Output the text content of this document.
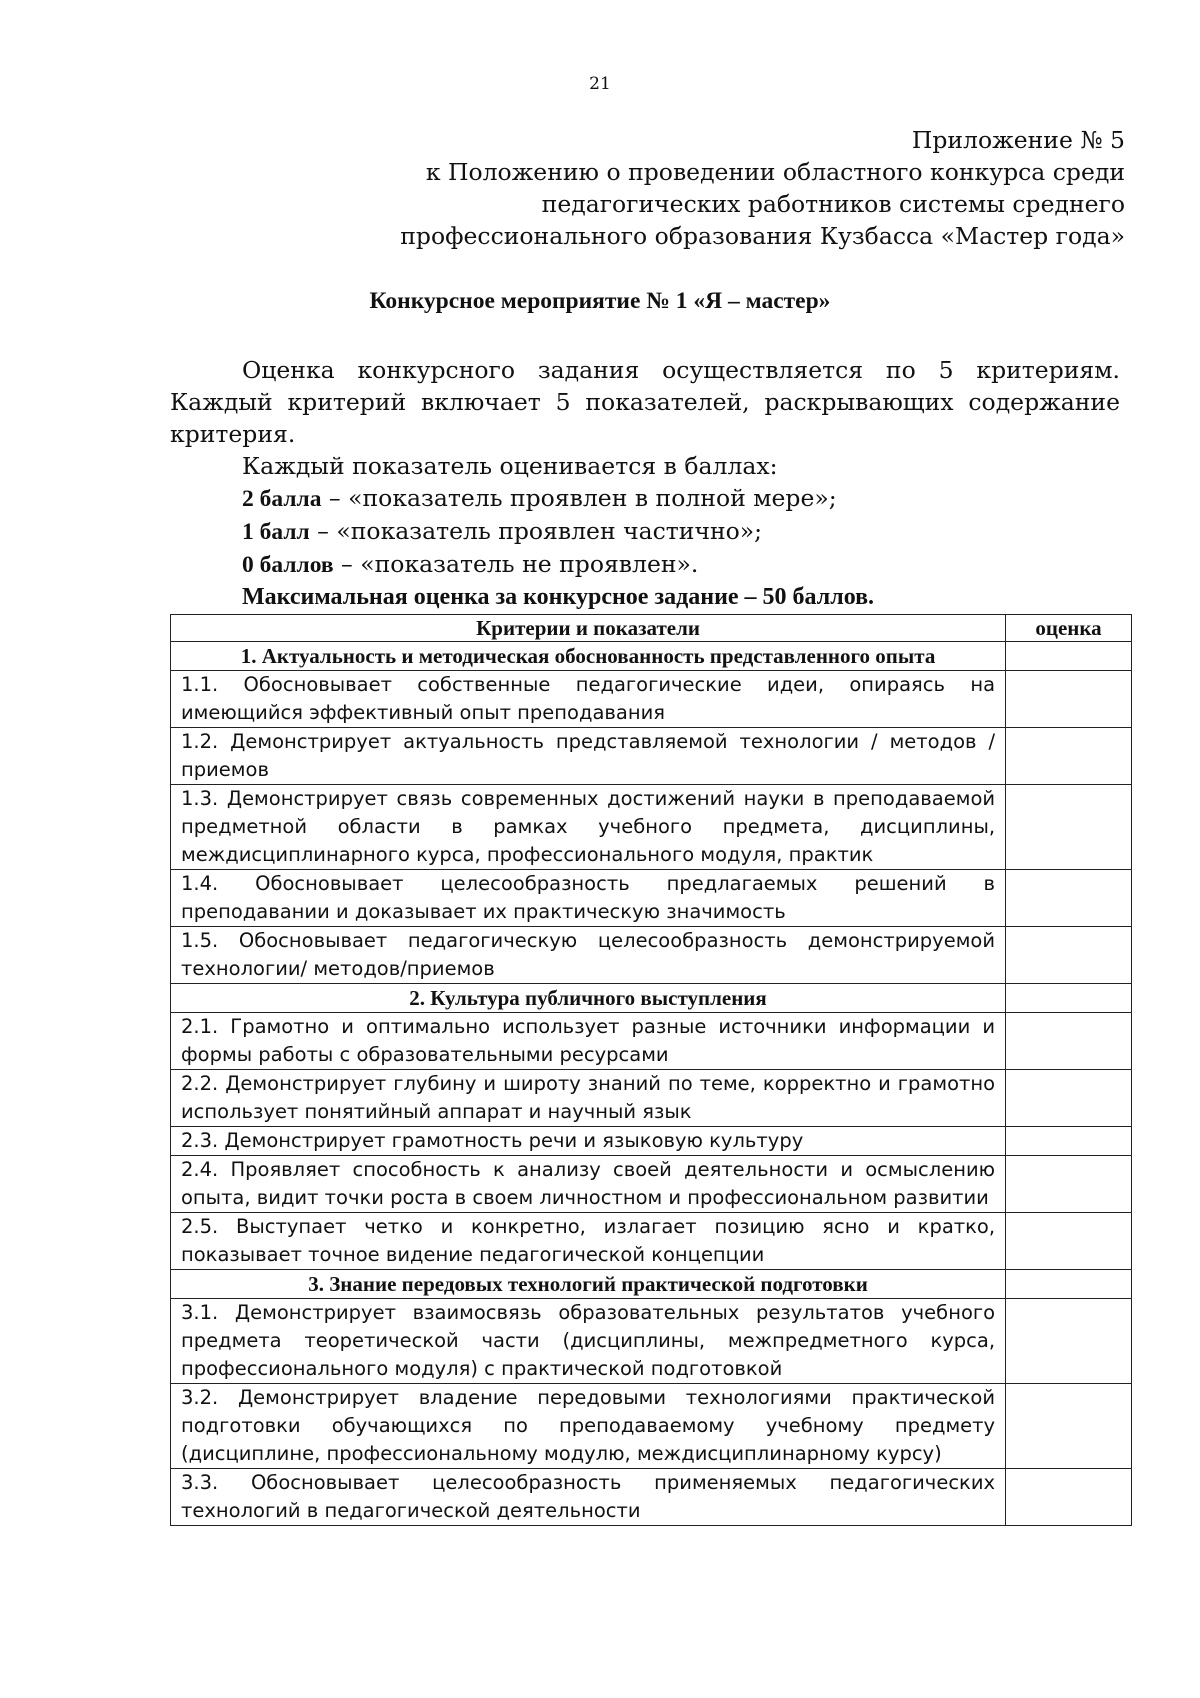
21
Приложение № 5
к Положению о проведении областного конкурса среди
педагогических работников системы среднего
профессионального образования Кузбасса «Мастер года»
Конкурсное мероприятие № 1 «Я – мастер»

Оценка конкурсного задания осуществляется по 5 критериям. Каждый критерий включает 5 показателей, раскрывающих содержание критерия.

Каждый показатель оценивается в баллах:

2 балла – «показатель проявлен в полной мере»;

1 балл – «показатель проявлен частично»;

0 баллов – «показатель не проявлен».

Максимальная оценка за конкурсное задание – 50 баллов.

Критерии и показатели	оценка
1. Актуальность и методическая обоснованность представленного опыта	
1.1. Обосновывает собственные педагогические идеи, опираясь на имеющийся эффективный опыт преподавания	
1.2. Демонстрирует актуальность представляемой технологии / методов / приемов	
1.3. Демонстрирует связь современных достижений науки в преподаваемой предметной области в рамках учебного предмета, дисциплины, междисциплинарного курса, профессионального модуля, практик	
1.4. Обосновывает целесообразность предлагаемых решений в преподавании и доказывает их практическую значимость	
1.5. Обосновывает педагогическую целесообразность демонстрируемой технологии/ методов/приемов	
2. Культура публичного выступления	
2.1. Грамотно и оптимально использует разные источники информации и формы работы с образовательными ресурсами	
2.2. Демонстрирует глубину и широту знаний по теме, корректно и грамотно использует понятийный аппарат и научный язык	
2.3. Демонстрирует грамотность речи и языковую культуру	
2.4. Проявляет способность к анализу своей деятельности и осмыслению опыта, видит точки роста в своем личностном и профессиональном развитии	
2.5. Выступает четко и конкретно, излагает позицию ясно и кратко, показывает точное видение педагогической концепции	
3. Знание передовых технологий практической подготовки	
3.1. Демонстрирует взаимосвязь образовательных результатов учебного предмета теоретической части (дисциплины, межпредметного курса, профессионального модуля) с практической подготовкой	
3.2. Демонстрирует владение передовыми технологиями практической подготовки обучающихся по преподаваемому учебному предмету (дисциплине, профессиональному модулю, междисциплинарному курсу)	
3.3. Обосновывает целесообразность применяемых педагогических технологий в педагогической деятельности	
